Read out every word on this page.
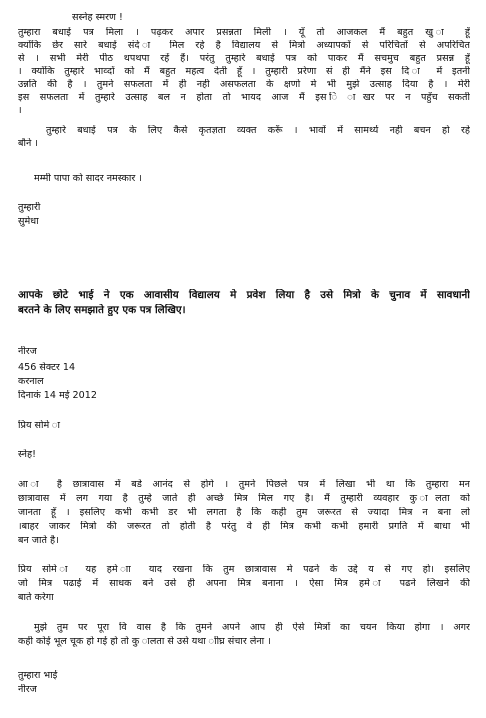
सस्नेह स्मरण !
तुम्हारा बधाई पत्र मिला । पढ़कर अपार प्रसन्नता मिली । यूँ तो आजकल मैं बहुत खु ा हूँ
क्योंकि छेर सारे बधाई संदे ा मिल रहे है विद्यालय से मित्रो अध्यापकों से परिचितों से अपरिचित
से । सभी मेरी पीठ थपथपा रहें हैं। परंतु तुम्हारे बधाई पत्र को पाकर मैं सचमुच बहुत प्रसन्न हूँ
। क्योंकि तुम्हारे भाव्दों को मैं बहुत महत्व देती हूँ । तुम्हारी प्ररेणा सं ही मैंने इस दि ा में इतनी
उन्नति की है । तुमने सफलता में ही नही असफलता के क्षणो मे भी मुझे उत्साह दिया है । मेरी
इस सफलता में तुम्हारे उत्साह बल न होता तो भायद आज मैं इस ि ाखर पर न पहुँच सकती
।
तुम्हारे बधाई पत्र के लिए कैसे कृतज्ञता व्यक्त करूँ । भावों में सामर्थ्य नही बचन हो रहे
बौने ।
मम्मी पापा को सादर नमस्कार ।
तुम्हारी
सुमेधा
आपके छोटे भाई ने एक आवासीय विद्यालय मे प्रवेश लिया है उसे मित्रो के चुनाव में सावधानी
बरतने के लिए समझाते हुए एक पत्र लिखिए।
नीरज
456 सेक्टर 14
करनाल
दिनाकं 14 मई 2012
प्रिय सोमे ा
स्नेह!
आ ा है छात्रावास में बडे आनंद से होगे । तुमने पिछले पत्र में लिखा भी था कि तुम्हारा मन
छात्रावास में लग गया है तुम्हे जाते ही अच्छे मित्र मिल गए है। मैं तुम्हारी व्यवहार कु ालता को
जानता हूँ । इसलिए कभी कभी डर भी लगता है कि कही तुम जरूरत से ज्यादा मित्र न बना लो
।बाहर जाकर मित्रो की जरूरत तो होती है परंतु वे ही मित्र कभी कभी हमारी प्रगति में बाधा भी
बन जाते है।
प्रिय सोमे ा यह हमे ाा याद रखना कि तुम छात्रावास मे पढने के उद्दे य से गए हो। इसलिए
जो मित्र पढाई में साधक बने उसे ही अपना मित्र बनाना । ऐसा मित्र हमे ा पढने लिखने की
बाते करेगा
मुझे तुम पर पूरा वि वास है कि तुमने अपने आप ही ऐसे मित्रों का चयन किया होगा । अगर
कही कोई भूल चूक हो गई हो तो कु ालता से उसे यथा ाीघ्र संचार लेना ।
तुम्हारा भाई
नीरज
